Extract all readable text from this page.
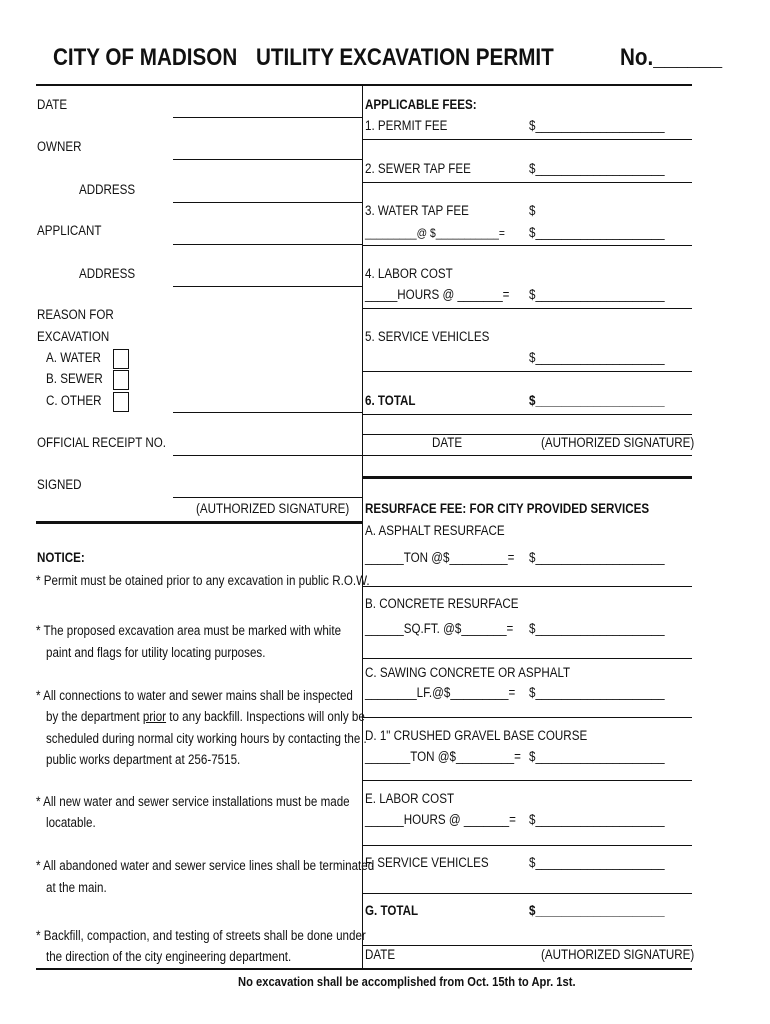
CITY OF MADISON UTILITY EXCAVATION PERMIT	No.______
DATE
OWNER
ADDRESS
APPLICANT
ADDRESS
REASON FOR
EXCAVATION
A. WATER
B. SEWER
C. OTHER
OFFICIAL RECEIPT NO.
SIGNED
(AUTHORIZED SIGNATURE)
NOTICE:
* Permit must be otained prior to any excavation in public R.O.W.
* The proposed excavation area must be marked with white
paint and flags for utility locating purposes.
* All connections to water and sewer mains shall be inspected
by the department prior to any backfill. Inspections will only be
scheduled during normal city working hours by contacting the .
public works department at 256-7515.
* All new water and sewer service installations must be made
locatable.
* All abandoned water and sewer service lines shall be terminated
at the main.
* Backfill, compaction, and testing of streets shall be done under
the direction of the city engineering department.
APPLICABLE FEES:
1. PERMIT FEE	$____________________
2. SEWER TAP FEE	$____________________
3. WATER TAP FEE	$
_________@ $___________= $____________________
4. LABOR COST
_____HOURS @ _______= $____________________
5. SERVICE VEHICLES
$____________________
6. TOTAL	$____________________
DATE	(AUTHORIZED SIGNATURE)
RESURFACE FEE: FOR CITY PROVIDED SERVICES
A. ASPHALT RESURFACE
______TON @$_________= $____________________
B. CONCRETE RESURFACE
______SQ.FT. @$_______= $____________________
C. SAWING CONCRETE OR ASPHALT
________LF.@$_________= $____________________
D. 1" CRUSHED GRAVEL BASE COURSE
_______TON @$_________= $____________________
E. LABOR COST
______HOURS @ _______= $____________________
F. SERVICE VEHICLES	$____________________
G. TOTAL	$____________________
DATE	(AUTHORIZED SIGNATURE)
No excavation shall be accomplished from Oct. 15th to Apr. 1st.
